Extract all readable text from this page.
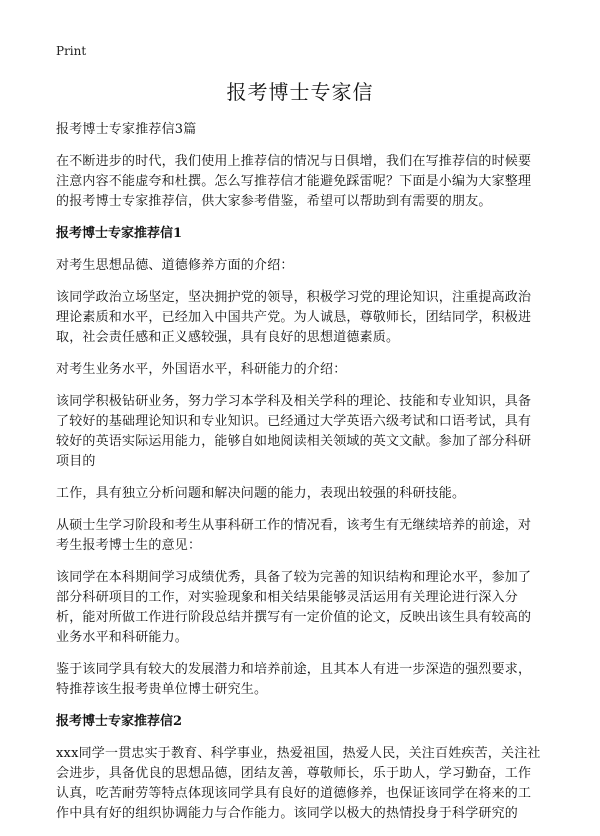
Print
报考博士专家信

报考博士专家推荐信3篇

在不断进步的时代，我们使用上推荐信的情况与日俱增，我们在写推荐信的时候要注意内容不能虚夸和杜撰。怎么写推荐信才能避免踩雷呢？下面是小编为大家整理的报考博士专家推荐信，供大家参考借鉴，希望可以帮助到有需要的朋友。

报考博士专家推荐信1

对考生思想品德、道德修养方面的介绍：

该同学政治立场坚定，坚决拥护党的领导，积极学习党的理论知识，注重提高政治理论素质和水平，已经加入中国共产党。为人诚恳，尊敬师长，团结同学，积极进取，社会责任感和正义感较强，具有良好的思想道德素质。

对考生业务水平，外国语水平，科研能力的介绍：

该同学积极钻研业务，努力学习本学科及相关学科的理论、技能和专业知识，具备了较好的基础理论知识和专业知识。已经通过大学英语六级考试和口语考试，具有较好的英语实际运用能力，能够自如地阅读相关领域的英文文献。参加了部分科研项目的

工作，具有独立分析问题和解决问题的能力，表现出较强的科研技能。

从硕士生学习阶段和考生从事科研工作的情况看，该考生有无继续培养的前途，对考生报考博士生的意见：

该同学在本科期间学习成绩优秀，具备了较为完善的知识结构和理论水平，参加了部分科研项目的工作，对实验现象和相关结果能够灵活运用有关理论进行深入分析，能对所做工作进行阶段总结并撰写有一定价值的论文，反映出该生具有较高的业务水平和科研能力。

鉴于该同学具有较大的发展潜力和培养前途，且其本人有进一步深造的强烈要求，特推荐该生报考贵单位博士研究生。

报考博士专家推荐信2

xxx同学一贯忠实于教育、科学事业，热爱祖国，热爱人民，关注百姓疾苦，关注社会进步，具备优良的思想品德，团结友善，尊敬师长，乐于助人，学习勤奋，工作认真，吃苦耐劳等特点体现该同学具有良好的道德修养，也保证该同学在将来的工作中具有好的组织协调能力与合作能力。该同学以极大的热情投身于科学研究的
